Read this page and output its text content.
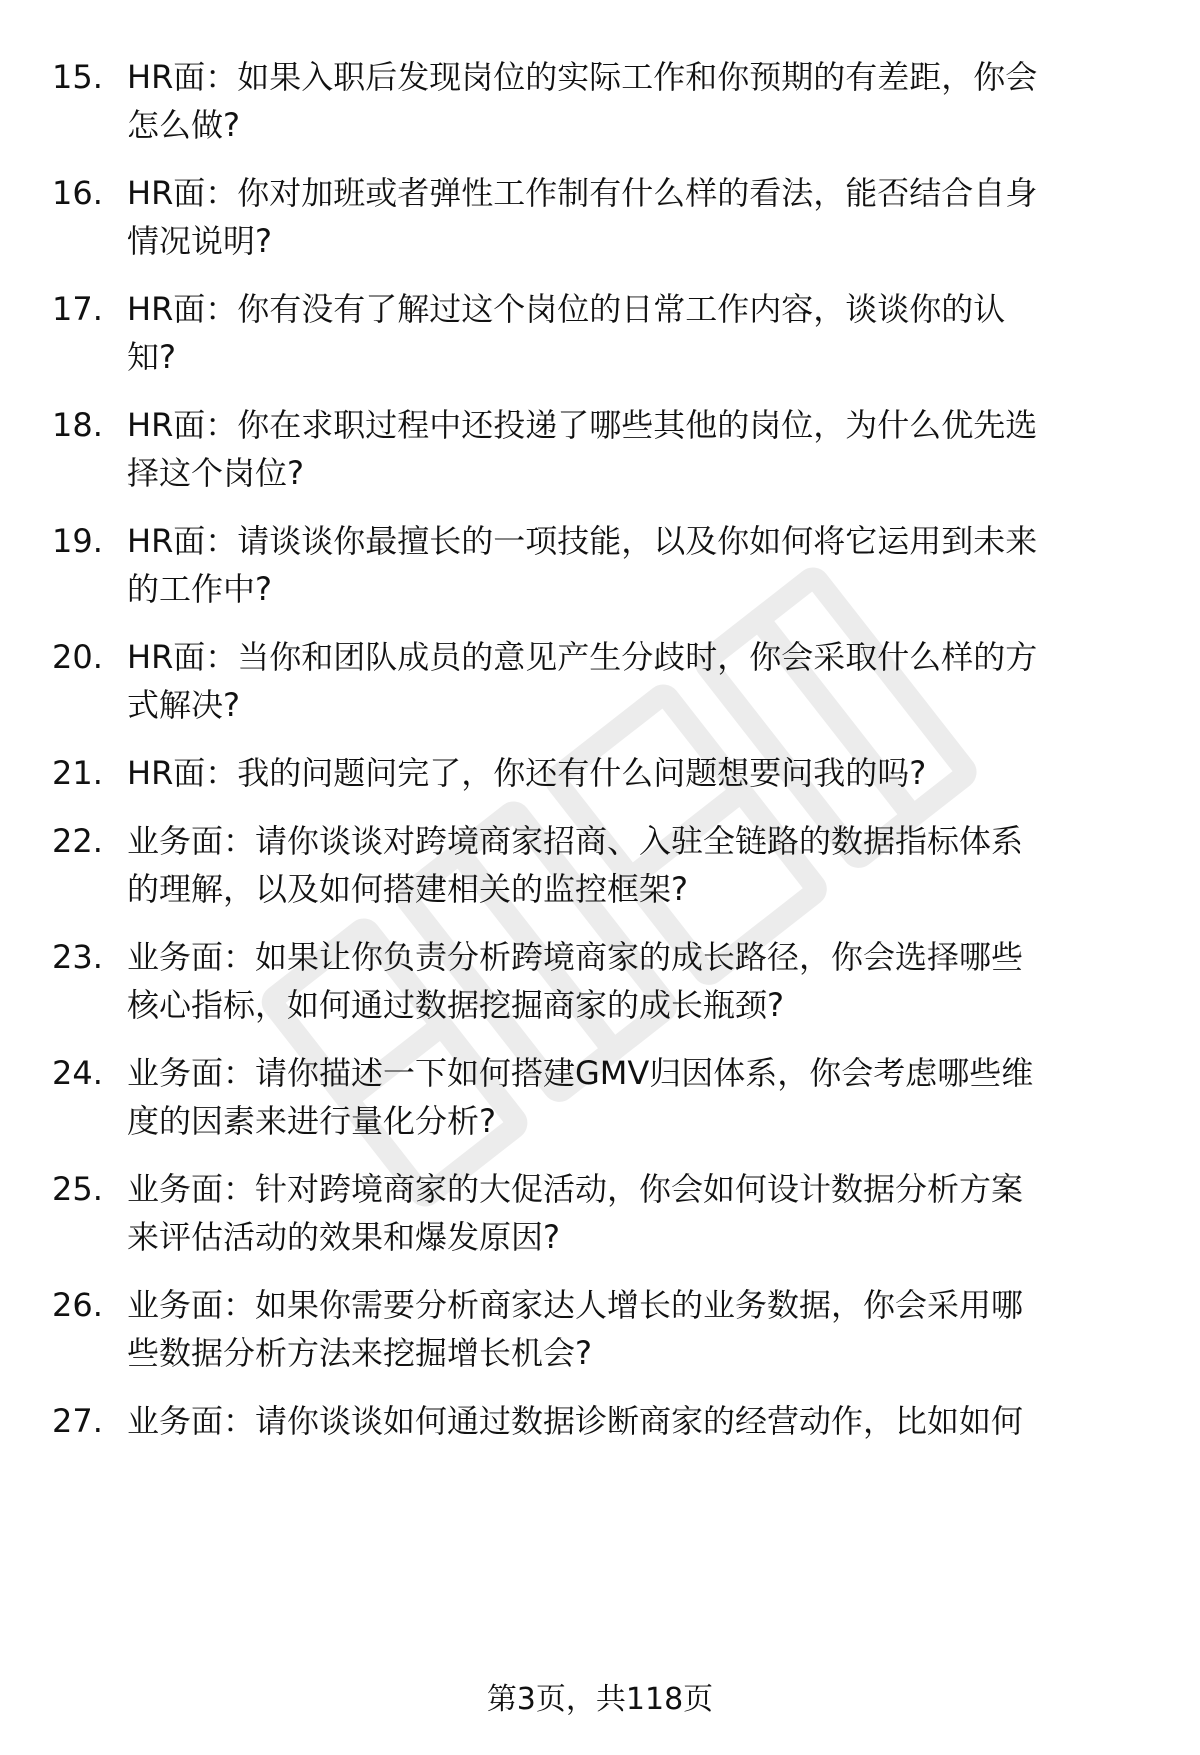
15. HR面：如果入职后发现岗位的实际工作和你预期的有差距，你会
怎么做?
16. HR面：你对加班或者弹性工作制有什么样的看法，能否结合自身
情况说明?
17. HR面：你有没有了解过这个岗位的日常工作内容，谈谈你的认
知?
18. HR面：你在求职过程中还投递了哪些其他的岗位，为什么优先选
择这个岗位?
19. HR面：请谈谈你最擅长的一项技能，以及你如何将它运用到未来
的工作中?
20. HR面：当你和团队成员的意见产生分歧时，你会采取什么样的方
式解决?
21. HR面：我的问题问完了，你还有什么问题想要问我的吗?
22. 业务面：请你谈谈对跨境商家招商、入驻全链路的数据指标体系
的理解，以及如何搭建相关的监控框架?
23. 业务面：如果让你负责分析跨境商家的成长路径，你会选择哪些
核心指标，如何通过数据挖掘商家的成长瓶颈?
24. 业务面：请你描述一下如何搭建GMV归因体系，你会考虑哪些维
度的因素来进行量化分析?
25. 业务面：针对跨境商家的大促活动，你会如何设计数据分析方案
来评估活动的效果和爆发原因?
26. 业务面：如果你需要分析商家达人增长的业务数据，你会采用哪
些数据分析方法来挖掘增长机会?
27. 业务面：请你谈谈如何通过数据诊断商家的经营动作，比如如何
第3页，共118页
